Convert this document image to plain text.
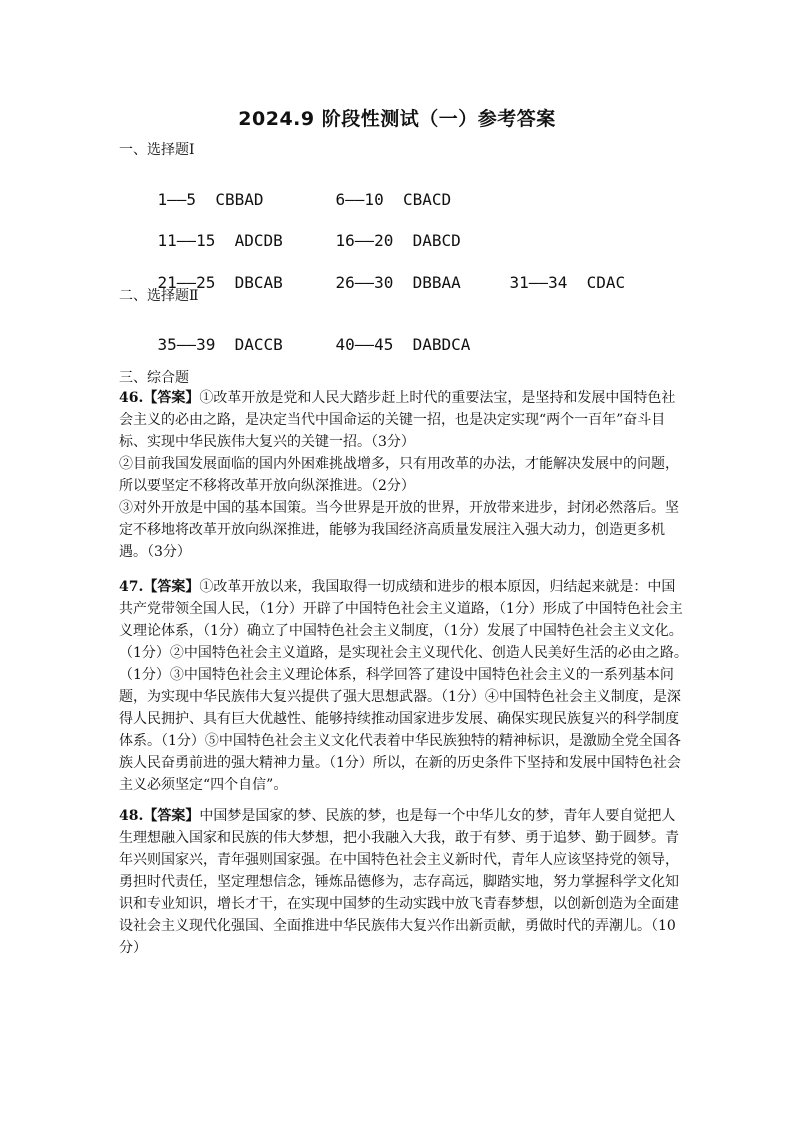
2024.9 阶段性测试（一）参考答案
一、选择题Ⅰ

1——5  CBBAD	6——10  CBACD

11——15  ADCDB	16——20  DABCD

21——25  DBCAB	26——30  DBBAA	31——34  CDAC

二、选择题Ⅱ

35——39  DACCB	40——45  DABDCA

三、综合题

46.【答案】①改革开放是党和人民大踏步赶上时代的重要法宝，是坚持和发展中国特色社会主义的必由之路，是决定当代中国命运的关键一招，也是决定实现“两个一百年”奋斗目标、实现中华民族伟大复兴的关键一招。（3分）

②目前我国发展面临的国内外困难挑战增多，只有用改革的办法，才能解决发展中的问题，所以要坚定不移将改革开放向纵深推进。（2分）

③对外开放是中国的基本国策。当今世界是开放的世界，开放带来进步，封闭必然落后。坚定不移地将改革开放向纵深推进，能够为我国经济高质量发展注入强大动力，创造更多机遇。（3分）

47.【答案】①改革开放以来，我国取得一切成绩和进步的根本原因，归结起来就是：中国共产党带领全国人民，（1分）开辟了中国特色社会主义道路，（1分）形成了中国特色社会主义理论体系，（1分）确立了中国特色社会主义制度，（1分）发展了中国特色社会主义文化。（1分）②中国特色社会主义道路，是实现社会主义现代化、创造人民美好生活的必由之路。（1分）③中国特色社会主义理论体系，科学回答了建设中国特色社会主义的一系列基本问题，为实现中华民族伟大复兴提供了强大思想武器。（1分）④中国特色社会主义制度，是深得人民拥护、具有巨大优越性、能够持续推动国家进步发展、确保实现民族复兴的科学制度体系。（1分）⑤中国特色社会主义文化代表着中华民族独特的精神标识，是激励全党全国各族人民奋勇前进的强大精神力量。（1分）所以，在新的历史条件下坚持和发展中国特色社会主义必须坚定“四个自信”。

48.【答案】中国梦是国家的梦、民族的梦，也是每一个中华儿女的梦，青年人要自觉把人生理想融入国家和民族的伟大梦想，把小我融入大我，敢于有梦、勇于追梦、勤于圆梦。青年兴则国家兴，青年强则国家强。在中国特色社会主义新时代，青年人应该坚持党的领导，勇担时代责任，坚定理想信念，锤炼品德修为，志存高远，脚踏实地，努力掌握科学文化知识和专业知识，增长才干，在实现中国梦的生动实践中放飞青春梦想，以创新创造为全面建设社会主义现代化强国、全面推进中华民族伟大复兴作出新贡献，勇做时代的弄潮儿。（10分）
